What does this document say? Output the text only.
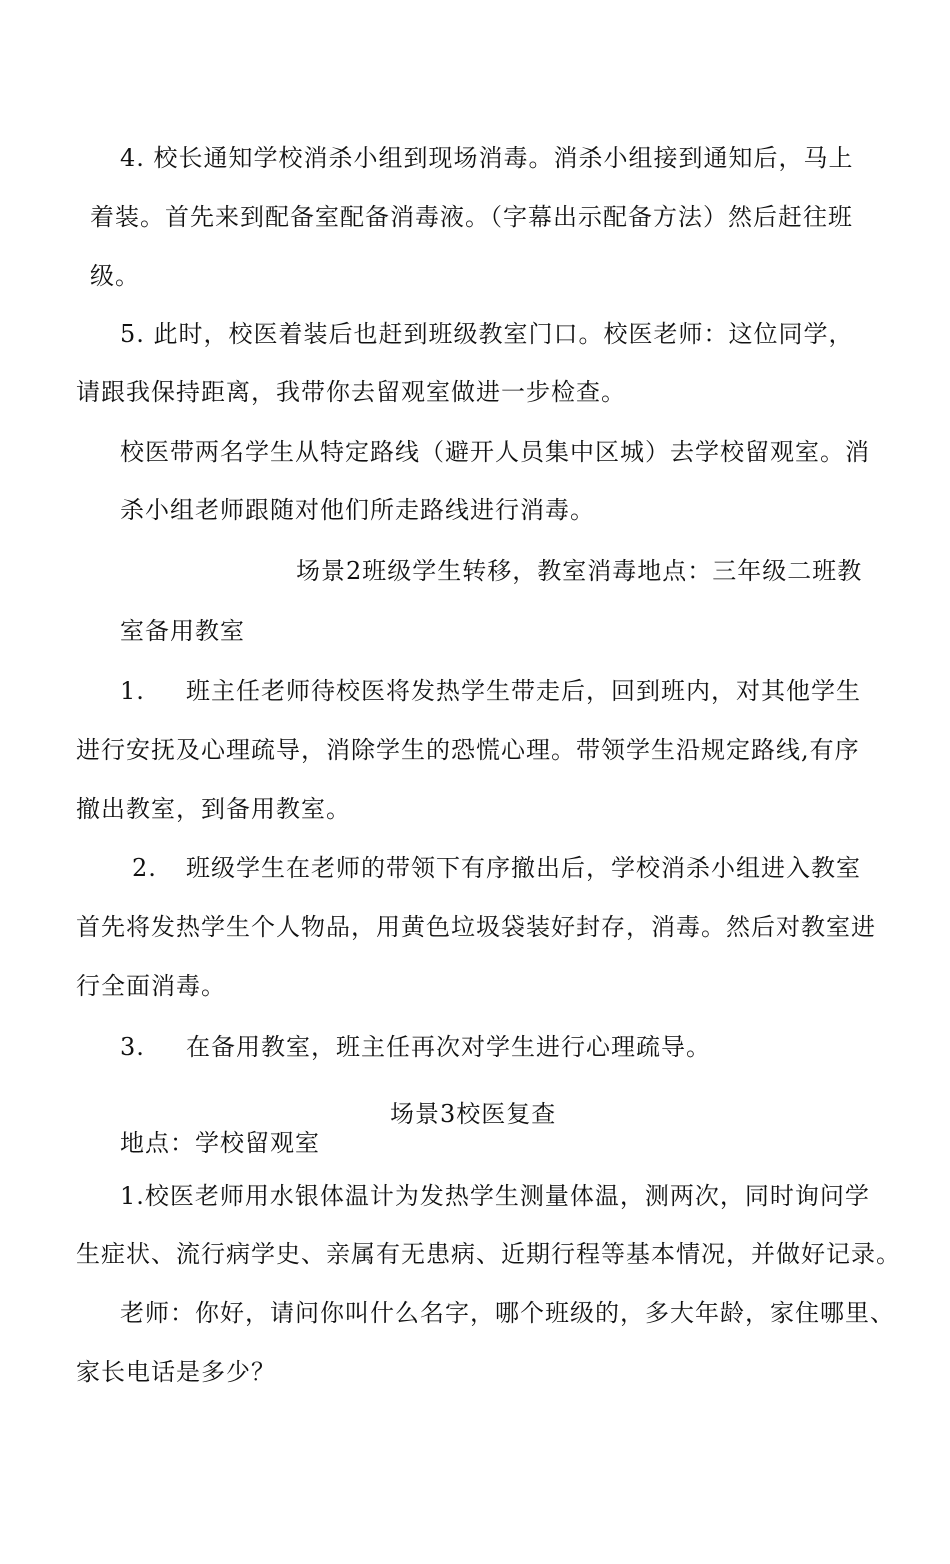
4. 校长通知学校消杀小组到现场消毒。消杀小组接到通知后，马上
着装。首先来到配备室配备消毒液。（字幕出示配备方法）然后赶往班
级。
5. 此时，校医着装后也赶到班级教室门口。校医老师：这位同学，
请跟我保持距离，我带你去留观室做进一步检查。
校医带两名学生从特定路线（避开人员集中区城）去学校留观室。消
杀小组老师跟随对他们所走路线进行消毒。
场景2班级学生转移，教室消毒地点：三年级二班教
室备用教室
1. 班主任老师待校医将发热学生带走后，回到班内，对其他学生
进行安抚及心理疏导，消除学生的恐慌心理。带领学生沿规定路线,有序
撤出教室，到备用教室。
2. 班级学生在老师的带领下有序撤出后，学校消杀小组进入教室
首先将发热学生个人物品，用黄色垃圾袋装好封存，消毒。然后对教室进
行全面消毒。
3. 在备用教室，班主任再次对学生进行心理疏导。
场景3校医复查
地点：学校留观室
1.校医老师用水银体温计为发热学生测量体温，测两次，同时询问学
生症状、流行病学史、亲属有无患病、近期行程等基本情况，并做好记录。
老师：你好，请问你叫什么名字，哪个班级的，多大年龄，家住哪里、
家长电话是多少？
